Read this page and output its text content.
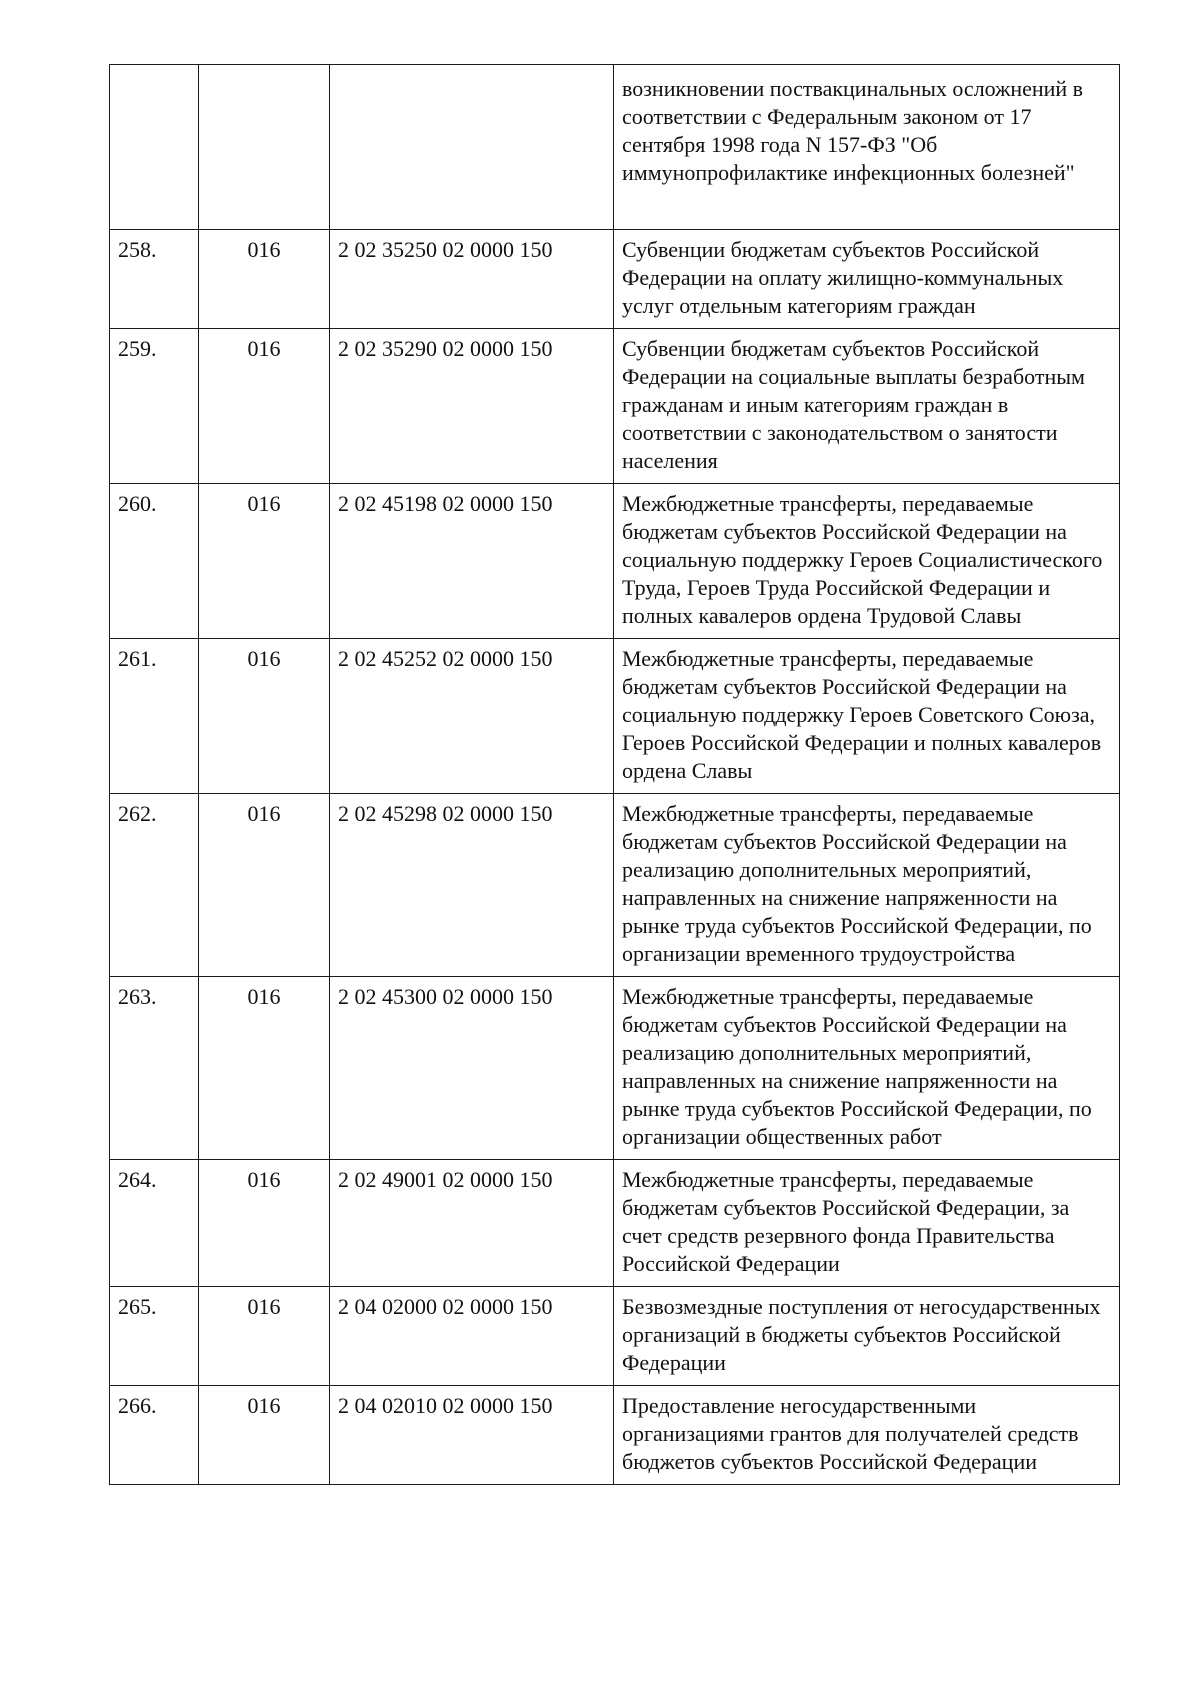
			возникновении поствакцинальных осложнений в соответствии с Федеральным законом от 17 сентября 1998 года N 157-ФЗ "Об иммунопрофилактике инфекционных болезней"
258.	016	2 02 35250 02 0000 150	Субвенции бюджетам субъектов Российской Федерации на оплату жилищно-коммунальных услуг отдельным категориям граждан
259.	016	2 02 35290 02 0000 150	Субвенции бюджетам субъектов Российской Федерации на социальные выплаты безработным гражданам и иным категориям граждан в соответствии с законодательством о занятости населения
260.	016	2 02 45198 02 0000 150	Межбюджетные трансферты, передаваемые бюджетам субъектов Российской Федерации на социальную поддержку Героев Социалистического Труда, Героев Труда Российской Федерации и полных кавалеров ордена Трудовой Славы
261.	016	2 02 45252 02 0000 150	Межбюджетные трансферты, передаваемые бюджетам субъектов Российской Федерации на социальную поддержку Героев Советского Союза, Героев Российской Федерации и полных кавалеров ордена Славы
262.	016	2 02 45298 02 0000 150	Межбюджетные трансферты, передаваемые бюджетам субъектов Российской Федерации на реализацию дополнительных мероприятий, направленных на снижение напряженности на рынке труда субъектов Российской Федерации, по организации временного трудоустройства
263.	016	2 02 45300 02 0000 150	Межбюджетные трансферты, передаваемые бюджетам субъектов Российской Федерации на реализацию дополнительных мероприятий, направленных на снижение напряженности на рынке труда субъектов Российской Федерации, по организации общественных работ
264.	016	2 02 49001 02 0000 150	Межбюджетные трансферты, передаваемые бюджетам субъектов Российской Федерации, за счет средств резервного фонда Правительства Российской Федерации
265.	016	2 04 02000 02 0000 150	Безвозмездные поступления от негосударственных организаций в бюджеты субъектов Российской Федерации
266.	016	2 04 02010 02 0000 150	Предоставление негосударственными организациями грантов для получателей средств бюджетов субъектов Российской Федерации
